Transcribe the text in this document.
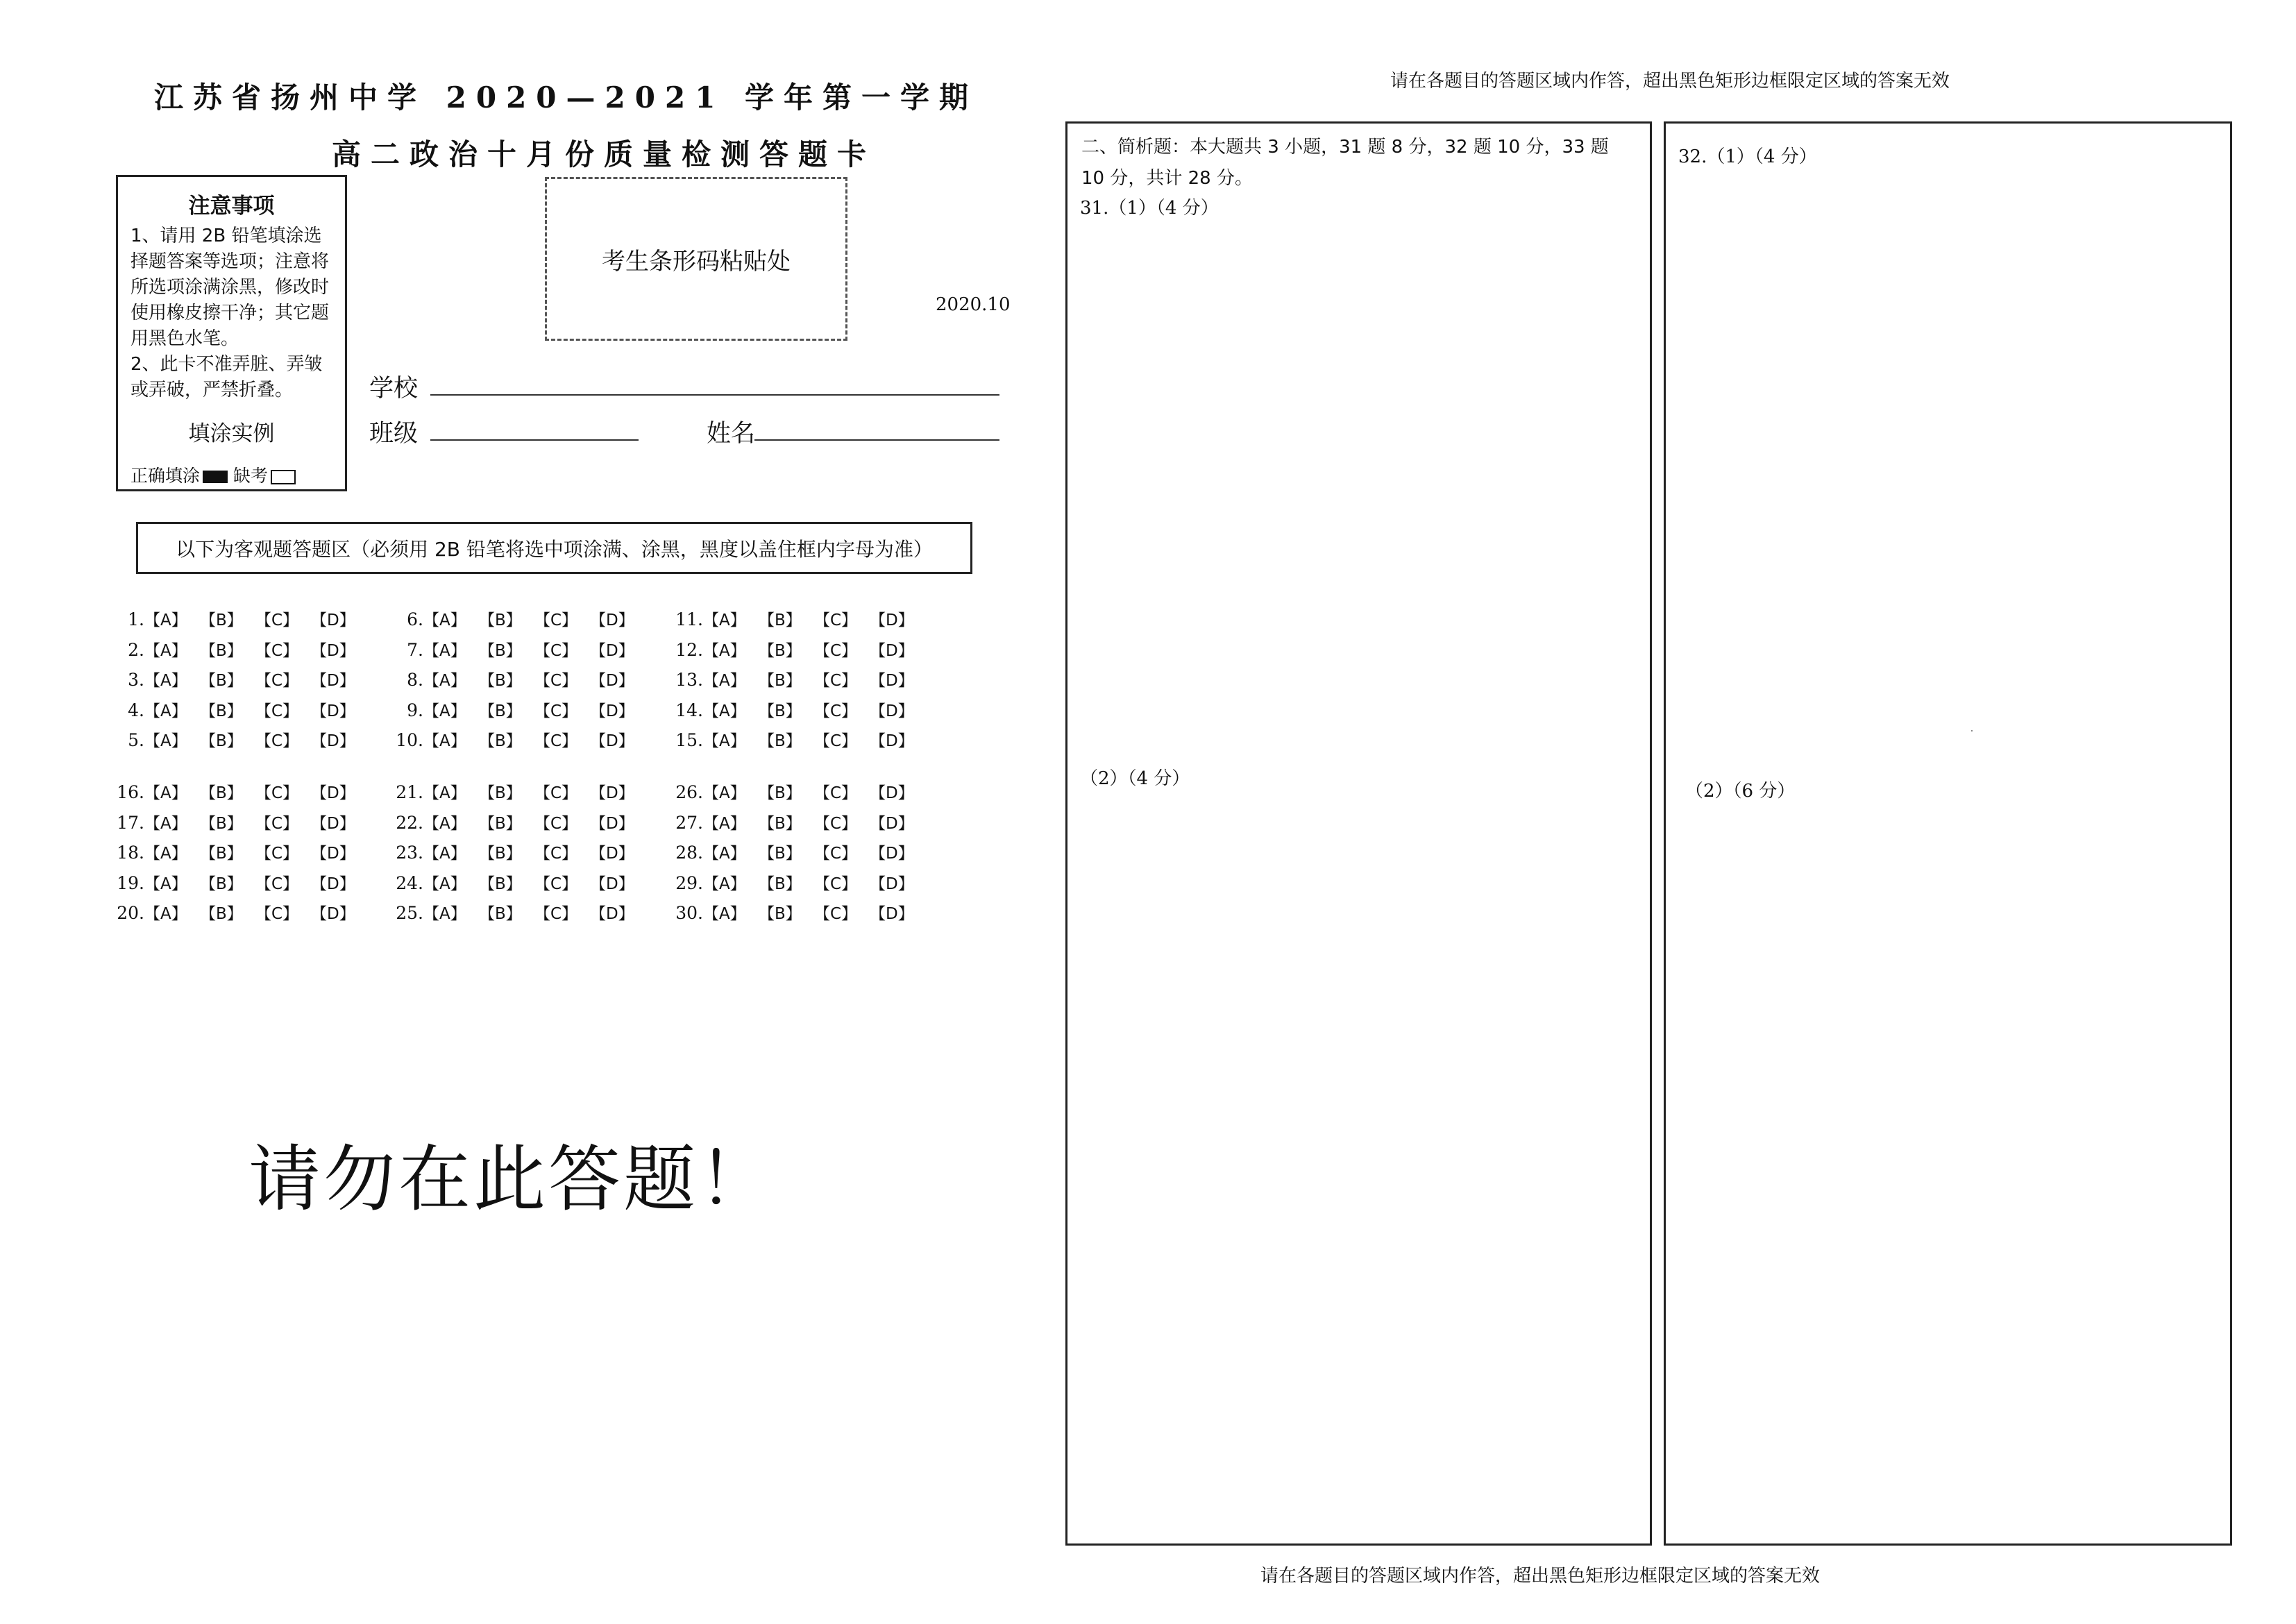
江苏省扬州中学 2020—2021 学年第一学期
高二政治十月份质量检测答题卡
注意事项
1、请用 2B 铅笔填涂选择题答案等选项；注意将所选项涂满涂黑，修改时使用橡皮擦干净；其它题用黑色水笔。
2、此卡不准弄脏、弄皱或弄破，严禁折叠。
填涂实例
正确填涂 缺考
考生条形码粘贴处
2020.10
学校
班级	姓名
以下为客观题答题区（必须用 2B 铅笔将选中项涂满、涂黑，黑度以盖住框内字母为准）
1.【A】 【B】 【C】 【D】
2.【A】 【B】 【C】 【D】
3.【A】 【B】 【C】 【D】
4.【A】 【B】 【C】 【D】
5.【A】 【B】 【C】 【D】
6.【A】 【B】 【C】 【D】
7.【A】 【B】 【C】 【D】
8.【A】 【B】 【C】 【D】
9.【A】 【B】 【C】 【D】
10.【A】 【B】 【C】 【D】
11.【A】 【B】 【C】 【D】
12.【A】 【B】 【C】 【D】
13.【A】 【B】 【C】 【D】
14.【A】 【B】 【C】 【D】
15.【A】 【B】 【C】 【D】
16.【A】 【B】 【C】 【D】
17.【A】 【B】 【C】 【D】
18.【A】 【B】 【C】 【D】
19.【A】 【B】 【C】 【D】
20.【A】 【B】 【C】 【D】
21.【A】 【B】 【C】 【D】
22.【A】 【B】 【C】 【D】
23.【A】 【B】 【C】 【D】
24.【A】 【B】 【C】 【D】
25.【A】 【B】 【C】 【D】
26.【A】 【B】 【C】 【D】
27.【A】 【B】 【C】 【D】
28.【A】 【B】 【C】 【D】
29.【A】 【B】 【C】 【D】
30.【A】 【B】 【C】 【D】
请勿在此答题！
请在各题目的答题区域内作答，超出黑色矩形边框限定区域的答案无效
请在各题目的答题区域内作答，超出黑色矩形边框限定区域的答案无效
二、简析题：本大题共 3 小题，31 题 8 分，32 题 10 分，33 题 10 分，共计 28 分。
31.（1）（4 分）
（2）（4 分）
32.（1）（4 分）
（2）（6 分）
